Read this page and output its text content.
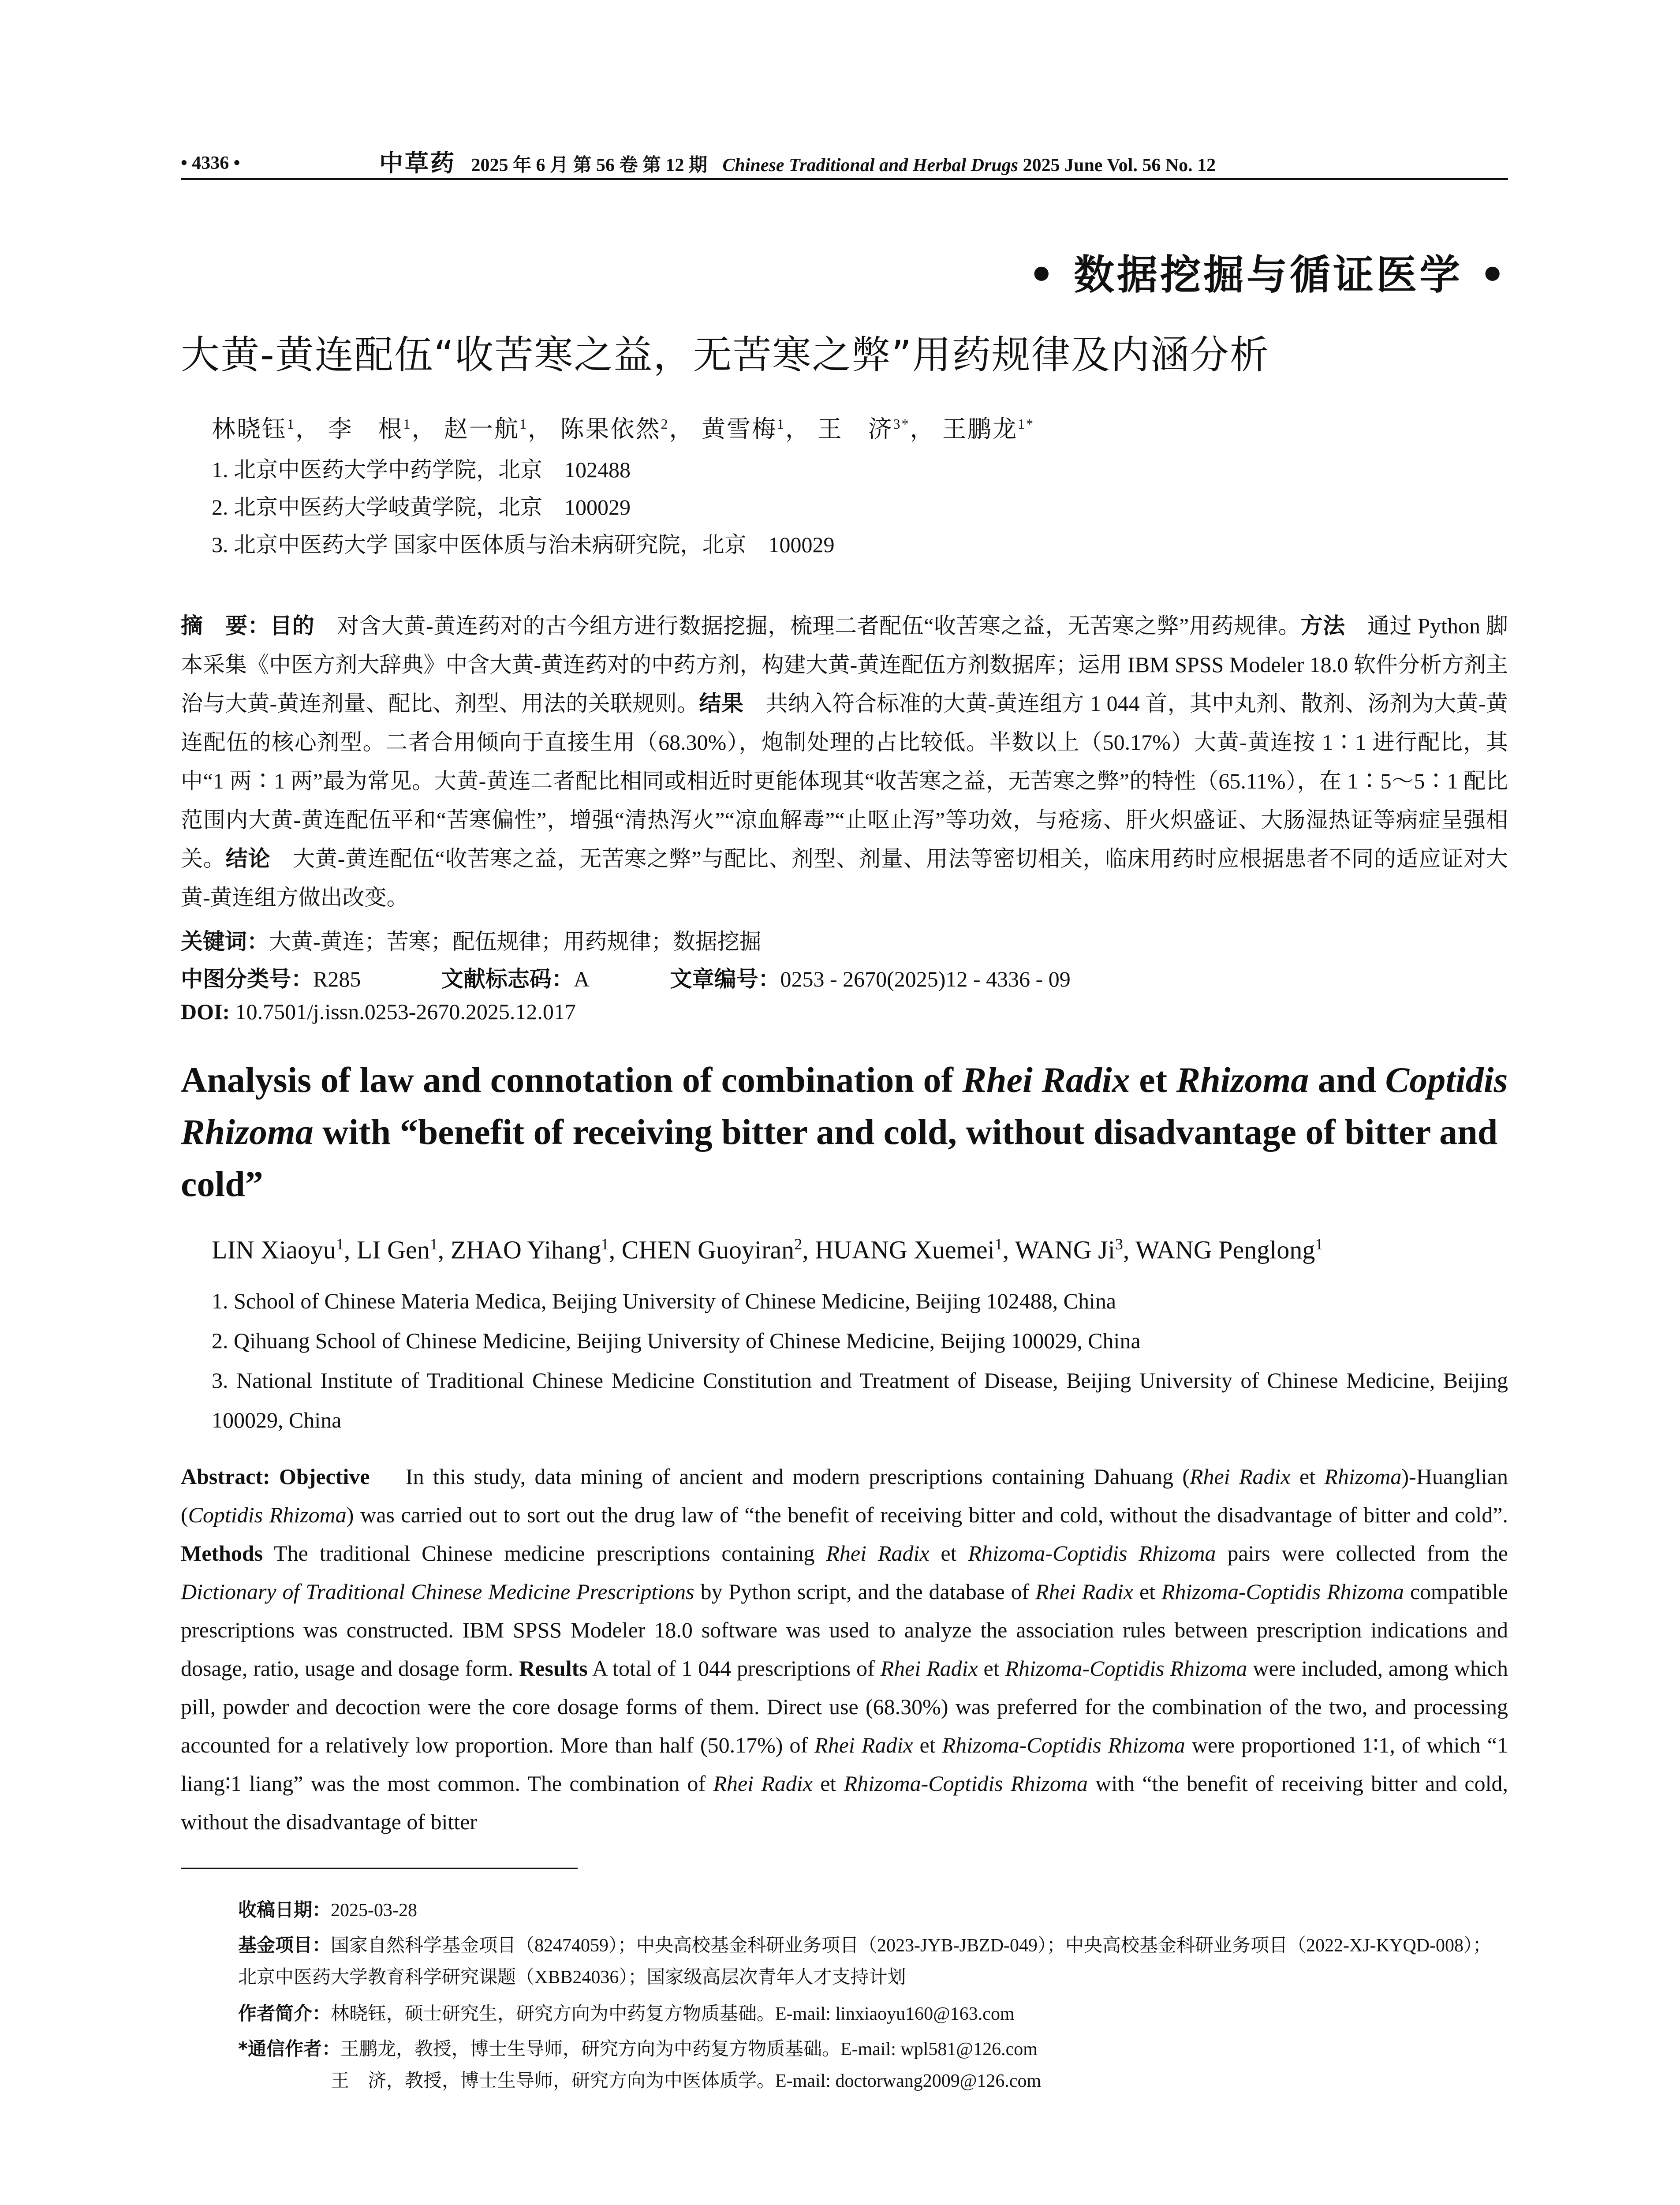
• 4336 •	中草药 2025 年 6 月 第 56 卷 第 12 期 Chinese Traditional and Herbal Drugs 2025 June Vol. 56 No. 12
• 数据挖掘与循证医学 •
大黄-黄连配伍“收苦寒之益，无苦寒之弊”用药规律及内涵分析
林晓钰$^1$， 李　根$^1$， 赵一航$^1$， 陈果依然$^2$， 黄雪梅$^1$， 王　济$^{3*}$， 王鹏龙$^{1*}$
1. 北京中医药大学中药学院，北京　102488
2. 北京中医药大学岐黄学院，北京　100029
3. 北京中医药大学 国家中医体质与治未病研究院，北京　100029
摘　要：目的　 对含大黄-黄连药对的古今组方进行数据挖掘，梳理二者配伍“收苦寒之益，无苦寒之弊”用药规律。方法　 通过 Python 脚本采集《中医方剂大辞典》中含大黄-黄连药对的中药方剂，构建大黄-黄连配伍方剂数据库；运用 IBM SPSS Modeler 18.0 软件分析方剂主治与大黄-黄连剂量、配比、剂型、用法的关联规则。结果　 共纳入符合标准的大黄-黄连组方 1 044 首，其中丸剂、散剂、汤剂为大黄-黄连配伍的核心剂型。二者合用倾向于直接生用（68.30%），炮制处理的占比较低。半数以上（50.17%）大黄-黄连按 1∶1 进行配比，其中“1 两∶1 两”最为常见。大黄-黄连二者配比相同或相近时更能体现其“收苦寒之益，无苦寒之弊”的特性（65.11%），在 1∶5～5∶1 配比范围内大黄-黄连配伍平和“苦寒偏性”，增强“清热泻火”“凉血解毒”“止呕止泻”等功效，与疮疡、肝火炽盛证、大肠湿热证等病症呈强相关。结论　 大黄-黄连配伍“收苦寒之益，无苦寒之弊”与配比、剂型、剂量、用法等密切相关，临床用药时应根据患者不同的适应证对大黄-黄连组方做出改变。
关键词：大黄-黄连；苦寒；配伍规律；用药规律；数据挖掘
中图分类号：R285	文献标志码：A	文章编号：0253 - 2670(2025)12 - 4336 - 09
DOI: 10.7501/j.issn.0253-2670.2025.12.017
Analysis of law and connotation of combination of Rhei Radix et Rhizoma and Coptidis Rhizoma with “benefit of receiving bitter and cold, without disadvantage of bitter and cold”
LIN Xiaoyu$^1$, LI Gen$^1$, ZHAO Yihang$^1$, CHEN Guoyiran$^2$, HUANG Xuemei$^1$, WANG Ji$^3$, WANG Penglong$^1$
1. School of Chinese Materia Medica, Beijing University of Chinese Medicine, Beijing 102488, China
2. Qihuang School of Chinese Medicine, Beijing University of Chinese Medicine, Beijing 100029, China
3. National Institute of Traditional Chinese Medicine Constitution and Treatment of Disease, Beijing University of Chinese Medicine, Beijing 100029, China
Abstract: Objective In this study, data mining of ancient and modern prescriptions containing Dahuang (Rhei Radix et Rhizoma)-Huanglian (Coptidis Rhizoma) was carried out to sort out the drug law of “the benefit of receiving bitter and cold, without the disadvantage of bitter and cold”. Methods The traditional Chinese medicine prescriptions containing Rhei Radix et Rhizoma-Coptidis Rhizoma pairs were collected from the Dictionary of Traditional Chinese Medicine Prescriptions by Python script, and the database of Rhei Radix et Rhizoma-Coptidis Rhizoma compatible prescriptions was constructed. IBM SPSS Modeler 18.0 software was used to analyze the association rules between prescription indications and dosage, ratio, usage and dosage form. Results A total of 1 044 prescriptions of Rhei Radix et Rhizoma-Coptidis Rhizoma were included, among which pill, powder and decoction were the core dosage forms of them. Direct use (68.30%) was preferred for the combination of the two, and processing accounted for a relatively low proportion. More than half (50.17%) of Rhei Radix et Rhizoma-Coptidis Rhizoma were proportioned 1∶1, of which “1 liang∶1 liang” was the most common. The combination of Rhei Radix et Rhizoma-Coptidis Rhizoma with “the benefit of receiving bitter and cold, without the disadvantage of bitter
收稿日期：2025-03-28
基金项目：国家自然科学基金项目（82474059）；中央高校基金科研业务项目（2023-JYB-JBZD-049）；中央高校基金科研业务项目（2022-XJ-KYQD-008）；北京中医药大学教育科学研究课题（XBB24036）；国家级高层次青年人才支持计划
作者简介：林晓钰，硕士研究生，研究方向为中药复方物质基础。E-mail: linxiaoyu160@163.com
*通信作者：王鹏龙，教授，博士生导师，研究方向为中药复方物质基础。E-mail: wpl581@126.com
王　济，教授，博士生导师，研究方向为中医体质学。E-mail: doctorwang2009@126.com
